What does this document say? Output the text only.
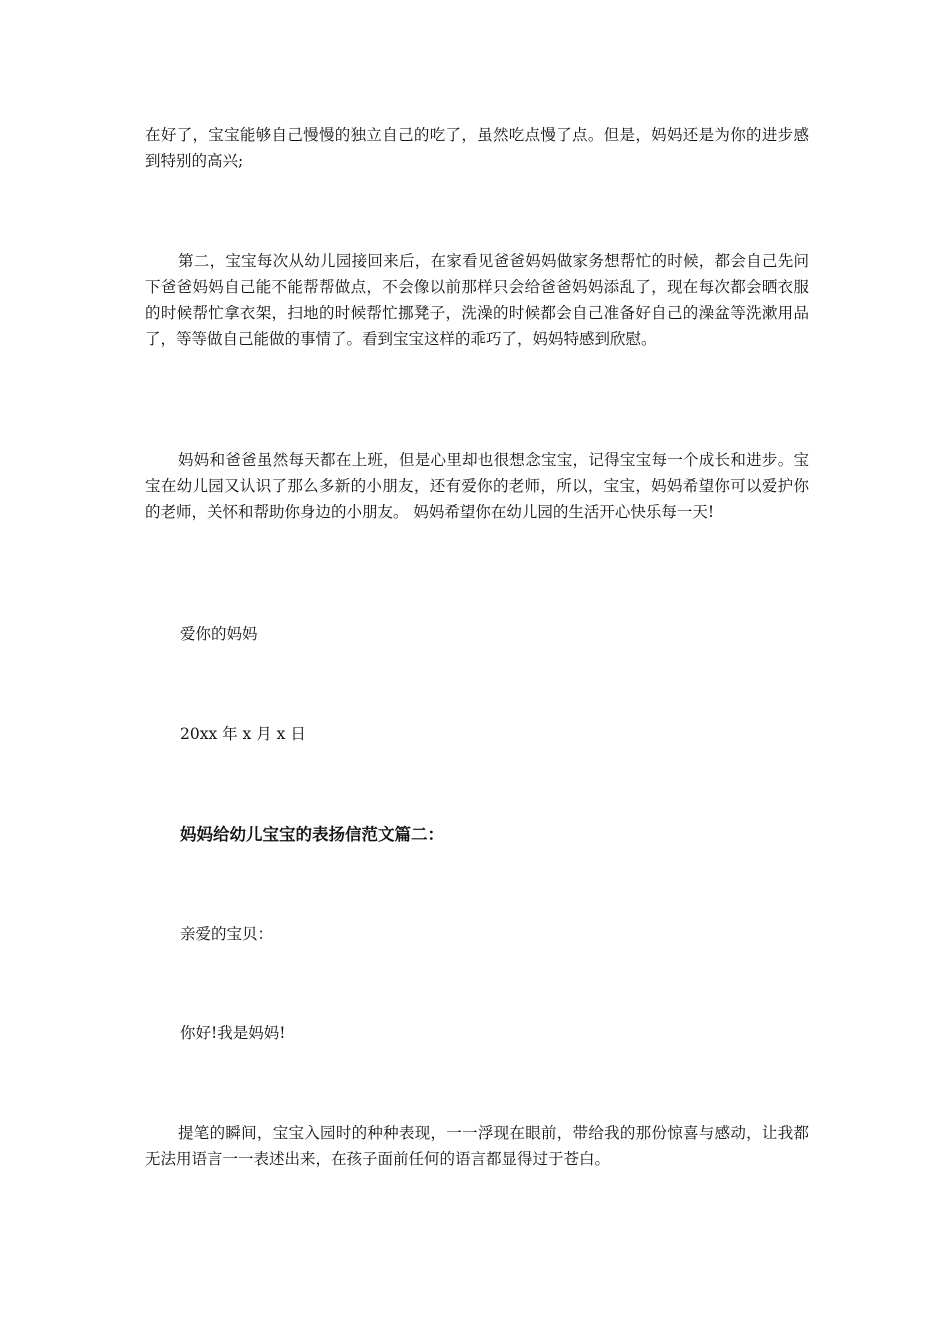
在好了，宝宝能够自己慢慢的独立自己的吃了，虽然吃点慢了点。但是，妈妈还是为你的进步感到特别的高兴;

第二，宝宝每次从幼儿园接回来后，在家看见爸爸妈妈做家务想帮忙的时候，都会自己先问下爸爸妈妈自己能不能帮帮做点，不会像以前那样只会给爸爸妈妈添乱了，现在每次都会晒衣服的时候帮忙拿衣架，扫地的时候帮忙挪凳子，洗澡的时候都会自己准备好自己的澡盆等洗漱用品了，等等做自己能做的事情了。看到宝宝这样的乖巧了，妈妈特感到欣慰。

妈妈和爸爸虽然每天都在上班，但是心里却也很想念宝宝，记得宝宝每一个成长和进步。宝宝在幼儿园又认识了那么多新的小朋友，还有爱你的老师，所以，宝宝，妈妈希望你可以爱护你的老师，关怀和帮助你身边的小朋友。 妈妈希望你在幼儿园的生活开心快乐每一天!

爱你的妈妈

20xx 年 x 月 x 日

妈妈给幼儿宝宝的表扬信范文篇二：

亲爱的宝贝：

你好!我是妈妈!

提笔的瞬间，宝宝入园时的种种表现，一一浮现在眼前，带给我的那份惊喜与感动，让我都无法用语言一一表述出来，在孩子面前任何的语言都显得过于苍白。
